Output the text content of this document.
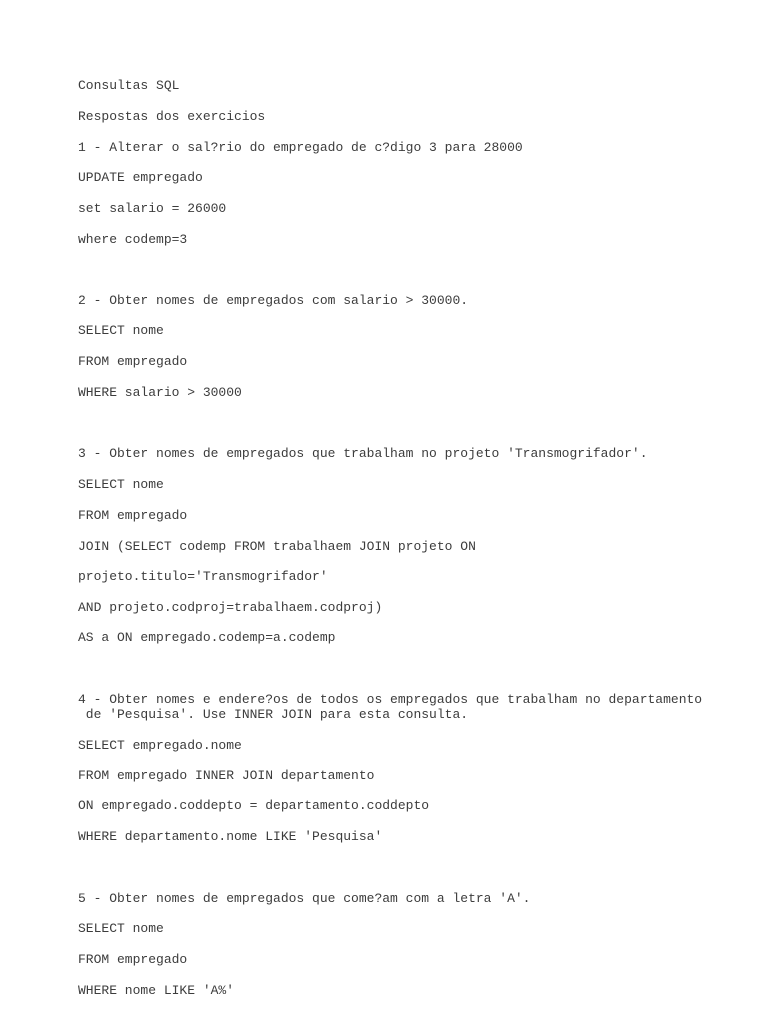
Consultas SQL
Respostas dos exercicios
1 - Alterar o sal?rio do empregado de c?digo 3 para 28000
UPDATE empregado
set salario = 26000
where codemp=3
2 - Obter nomes de empregados com salario > 30000.
SELECT nome
FROM empregado
WHERE salario > 30000
3 - Obter nomes de empregados que trabalham no projeto 'Transmogrifador'.
SELECT nome
FROM empregado
JOIN (SELECT codemp FROM trabalhaem JOIN projeto ON
projeto.titulo='Transmogrifador'
AND projeto.codproj=trabalhaem.codproj)
AS a ON empregado.codemp=a.codemp
4 - Obter nomes e endere?os de todos os empregados que trabalham no departamento
de 'Pesquisa'. Use INNER JOIN para esta consulta.
SELECT empregado.nome
FROM empregado INNER JOIN departamento
ON empregado.coddepto = departamento.coddepto
WHERE departamento.nome LIKE 'Pesquisa'
5 - Obter nomes de empregados que come?am com a letra 'A'.
SELECT nome
FROM empregado
WHERE nome LIKE 'A%'
